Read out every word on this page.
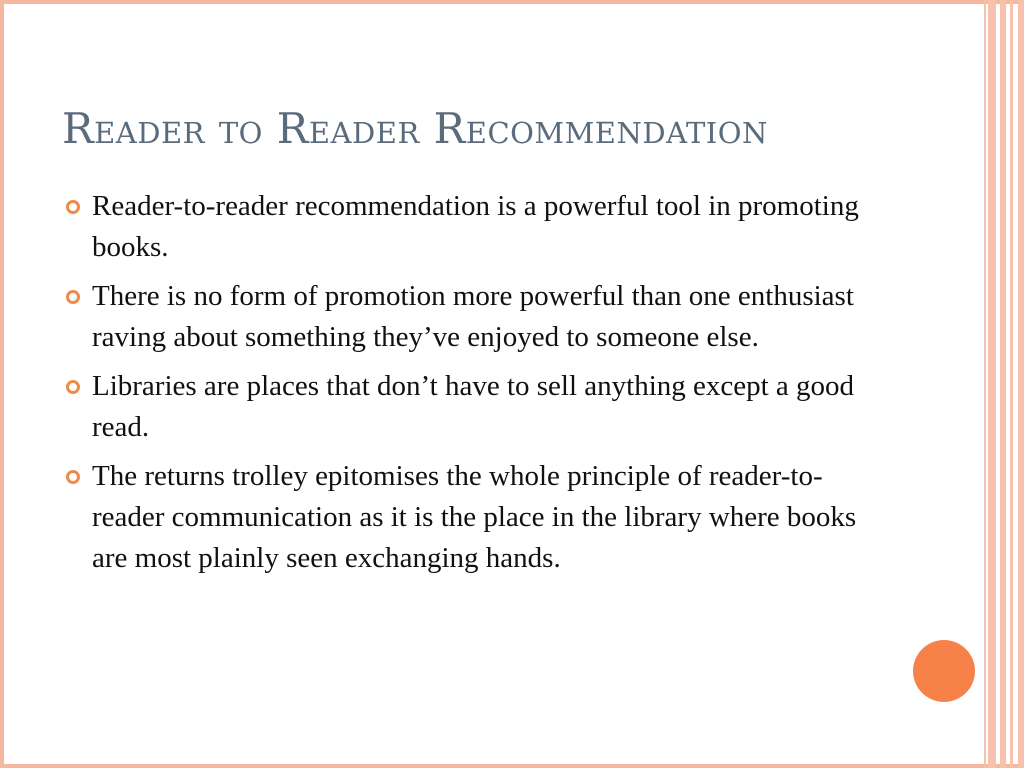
Reader to Reader Recommendation
Reader-to-reader recommendation is a powerful tool in promoting books.
There is no form of promotion more powerful than one enthusiast raving about something they’ve enjoyed to someone else.
Libraries are places that don’t have to sell anything except a good read.
The returns trolley epitomises the whole principle of reader-to-reader communication as it is the place in the library where books are most plainly seen exchanging hands.
